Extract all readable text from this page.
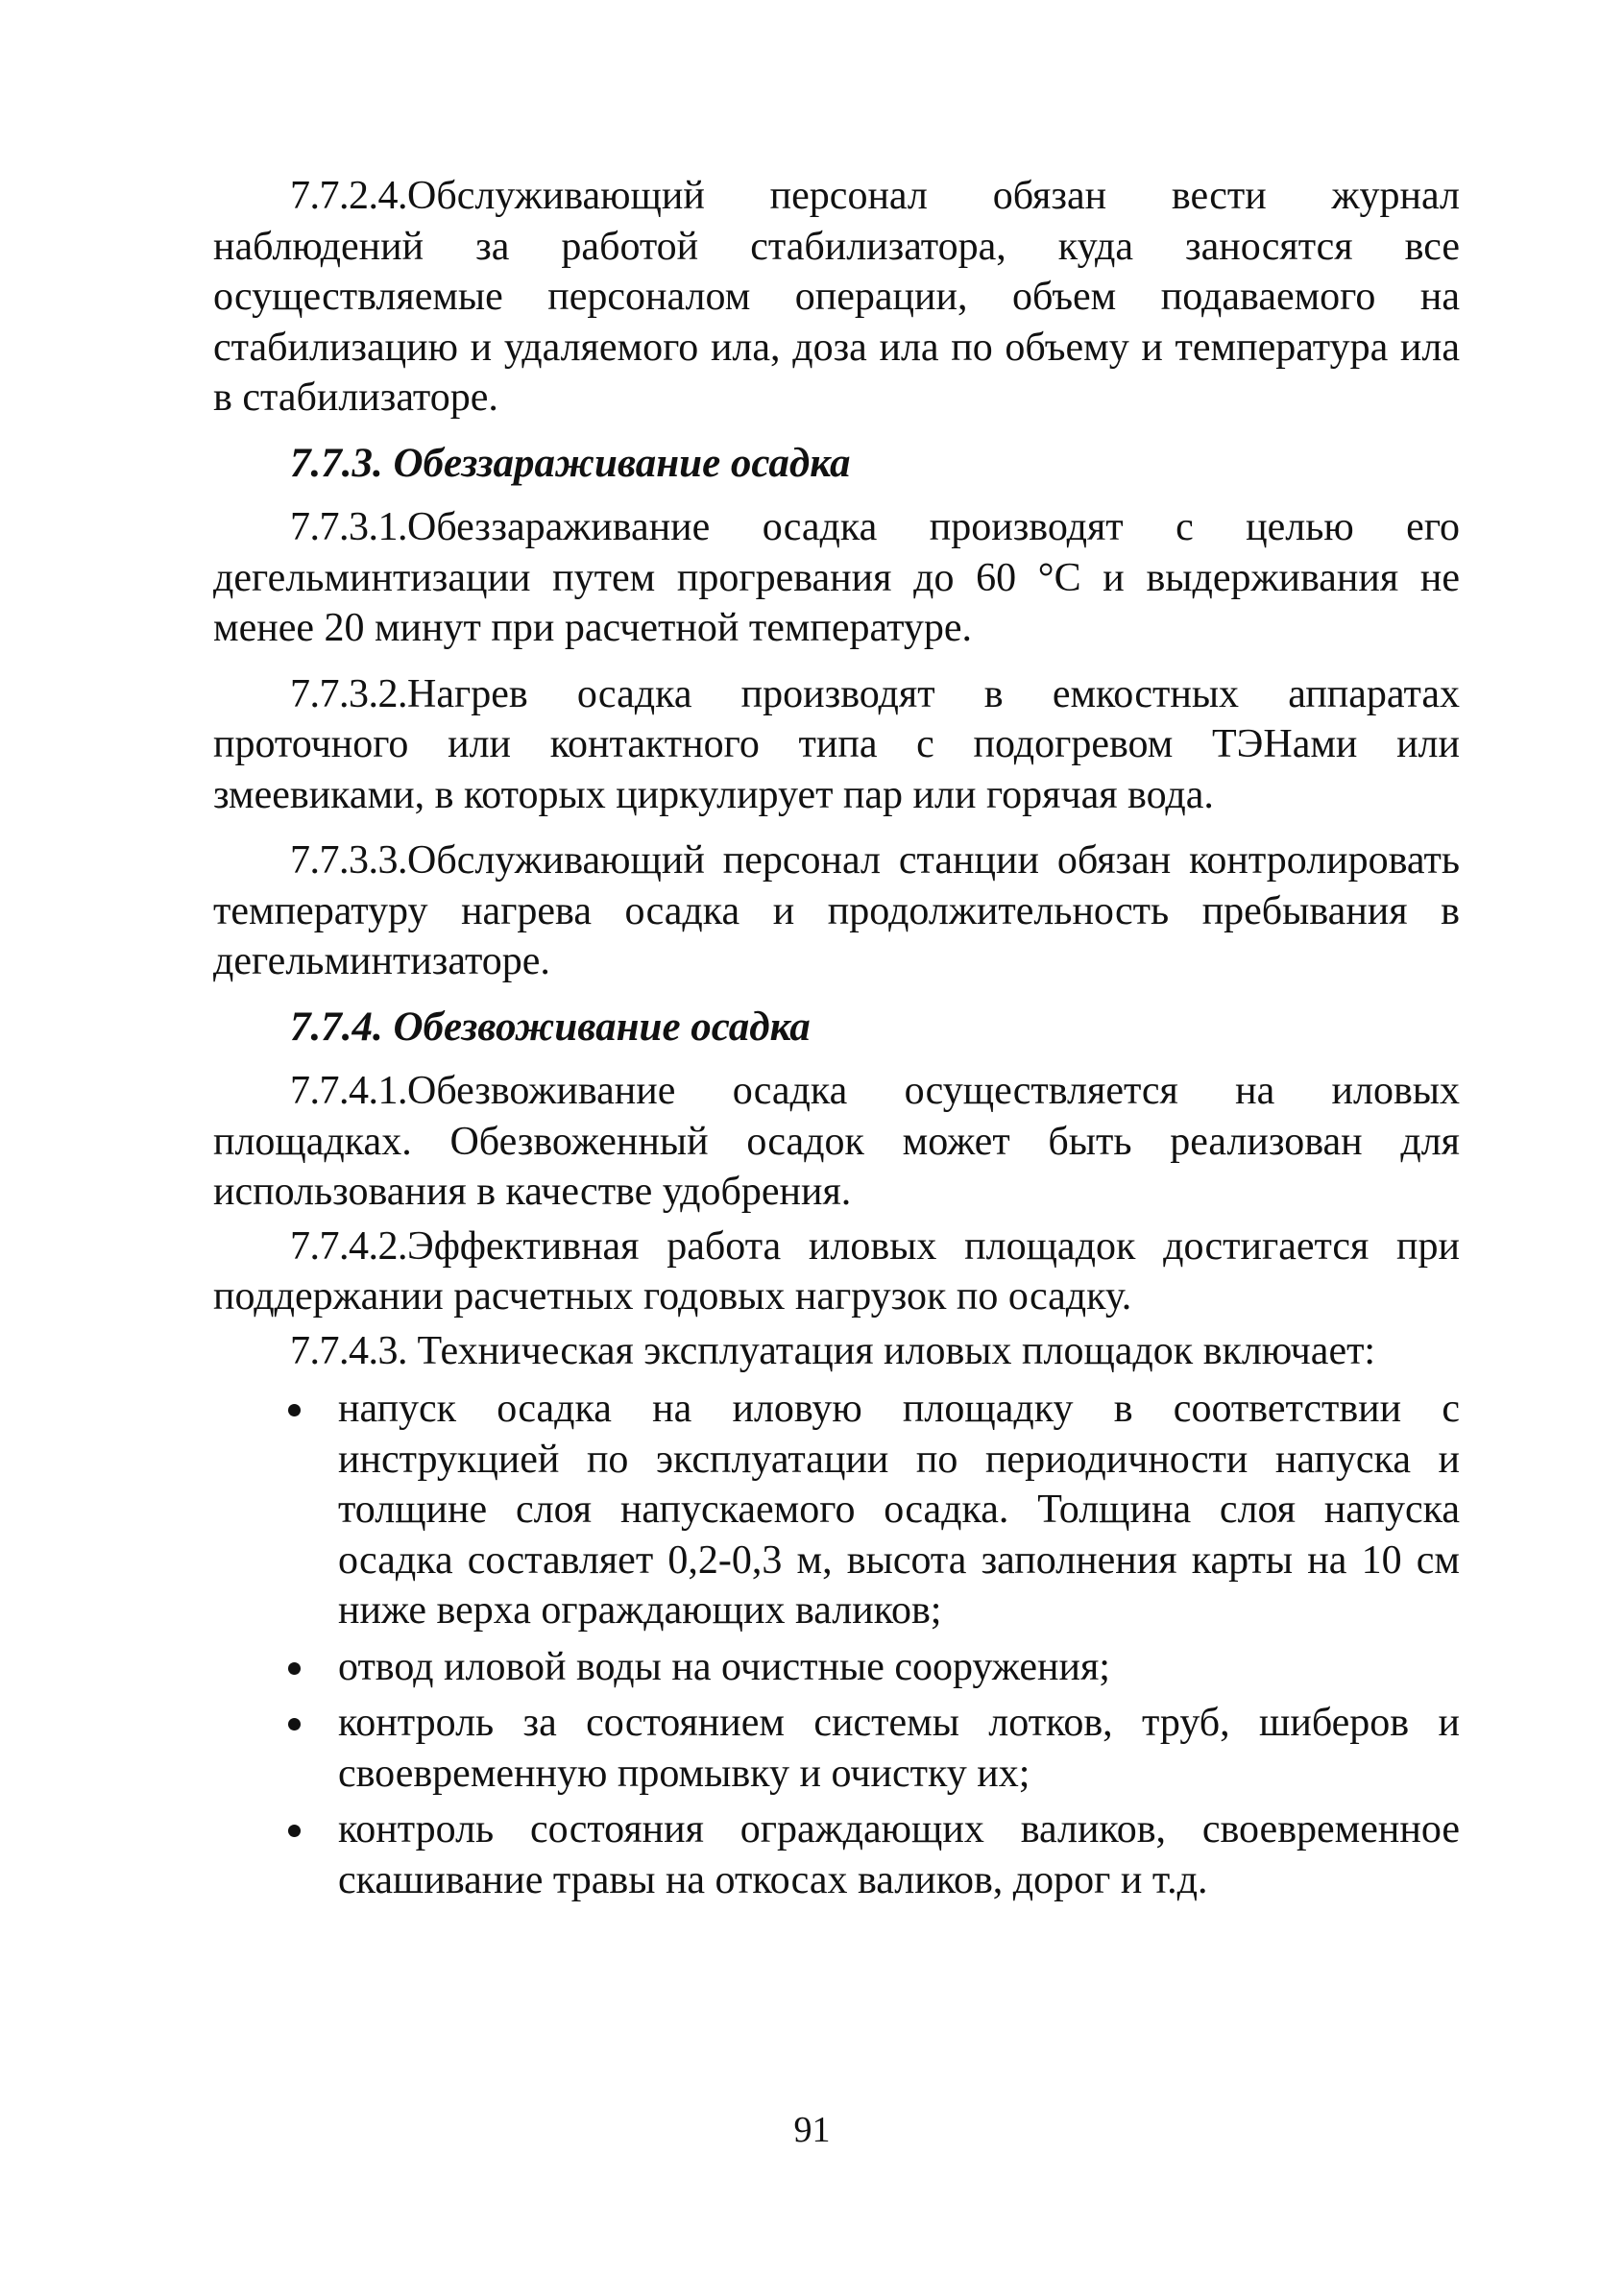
7.7.2.4.Обслуживающий персонал обязан вести журнал наблюдений за работой стабилизатора, куда заносятся все осуществляемые персоналом операции, объем подаваемого на стабилизацию и удаляемого ила, доза ила по объему и температура ила в стабилизаторе.

7.7.3. Обеззараживание осадка

7.7.3.1.Обеззараживание осадка производят с целью его дегельминтизации путем прогревания до 60 °С и выдерживания не менее 20 минут при расчетной температуре.

7.7.3.2.Нагрев осадка производят в емкостных аппаратах проточного или контактного типа с подогревом ТЭНами или змеевиками, в которых циркулирует пар или горячая вода.

7.7.3.3.Обслуживающий персонал станции обязан контролировать температуру нагрева осадка и продолжительность пребывания в дегельминтизаторе.

7.7.4. Обезвоживание осадка

7.7.4.1.Обезвоживание осадка осуществляется на иловых площадках. Обезвоженный осадок может быть реализован для использования в качестве удобрения.

7.7.4.2.Эффективная работа иловых площадок достигается при поддержании расчетных годовых нагрузок по осадку.

7.7.4.3. Техническая эксплуатация иловых площадок включает:

напуск осадка на иловую площадку в соответствии с инструкцией по эксплуатации по периодичности напуска и толщине слоя напускаемого осадка. Толщина слоя напуска осадка составляет 0,2-0,3 м, высота заполнения карты на 10 см ниже верха ограждающих валиков;
отвод иловой воды на очистные сооружения;
контроль за состоянием системы лотков, труб, шиберов и своевременную промывку и очистку их;
контроль состояния ограждающих валиков, своевременное скашивание травы на откосах валиков, дорог и т.д.
91
